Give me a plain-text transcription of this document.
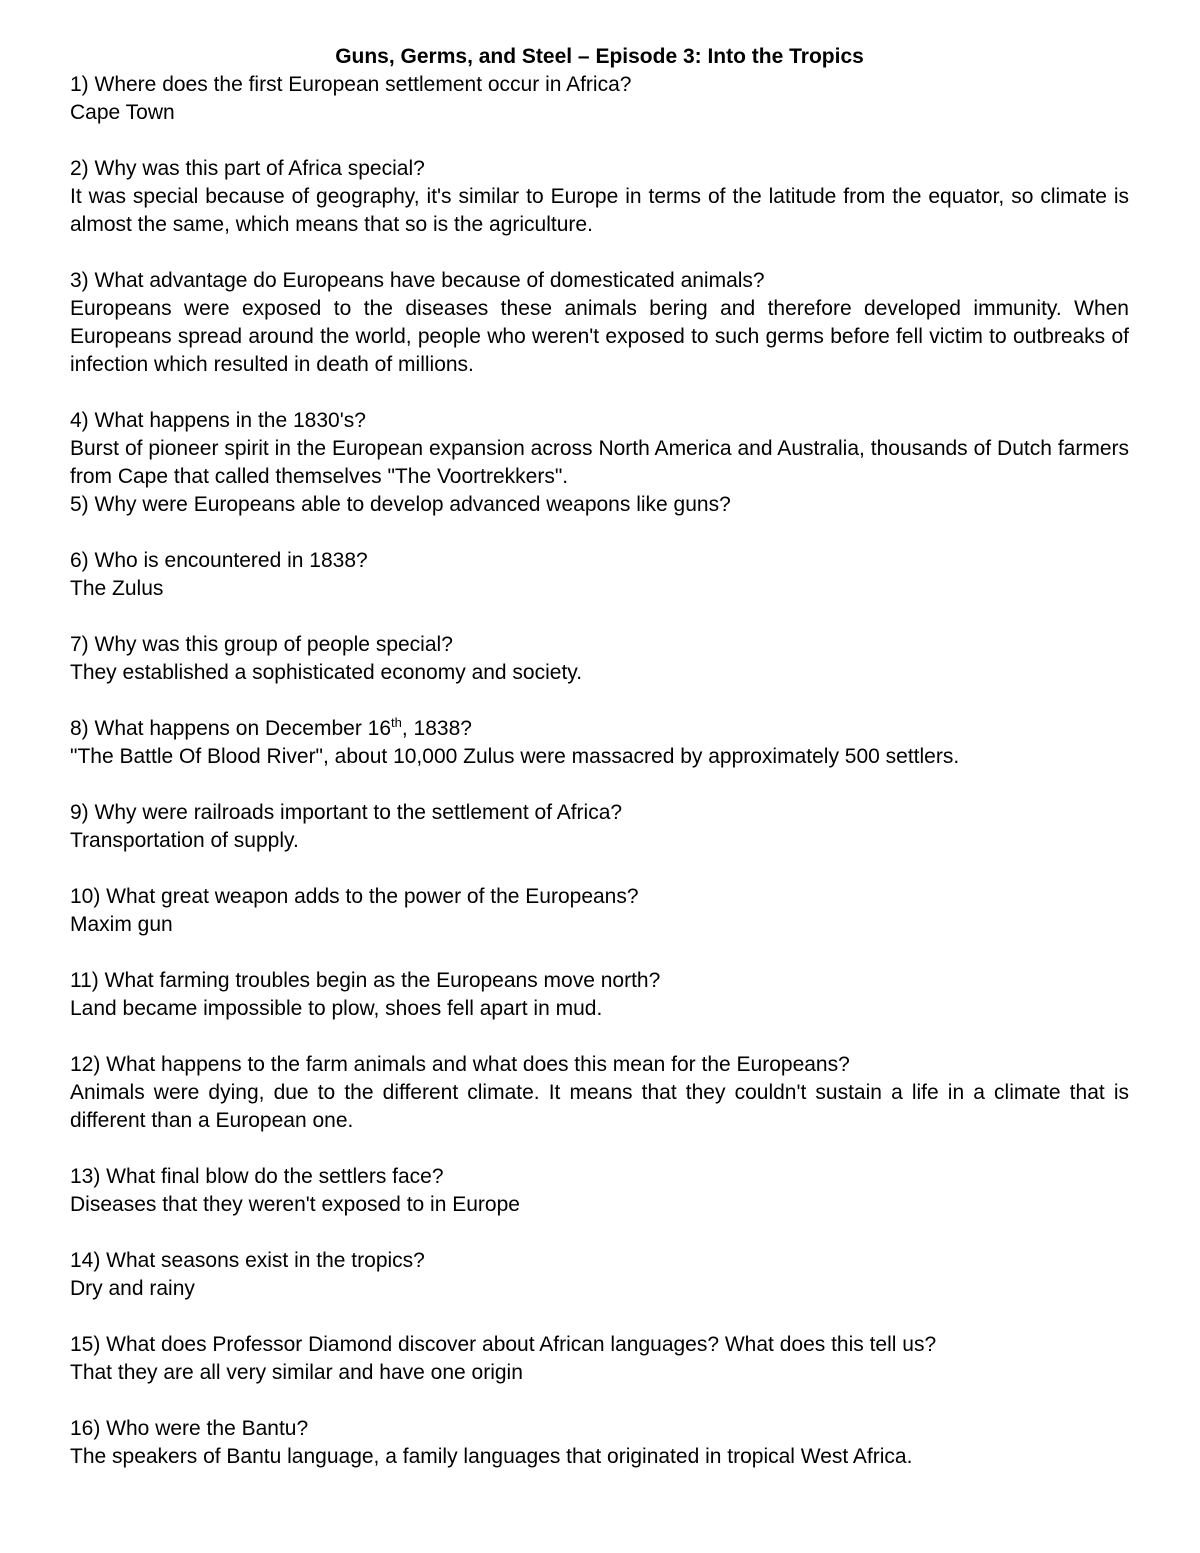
Guns, Germs, and Steel – Episode 3: Into the Tropics

1) Where does the first European settlement occur in Africa?

Cape Town

2) Why was this part of Africa special?

It was special because of geography, it's similar to Europe in terms of the latitude from the equator, so climate is almost the same, which means that so is the agriculture.

3) What advantage do Europeans have because of domesticated animals?

Europeans were exposed to the diseases these animals bering and therefore developed immunity. When Europeans spread around the world, people who weren't exposed to such germs before fell victim to outbreaks of infection which resulted in death of millions.

4) What happens in the 1830's?

Burst of pioneer spirit in the European expansion across North America and Australia, thousands of Dutch farmers from Cape that called themselves "The Voortrekkers".

5) Why were Europeans able to develop advanced weapons like guns?

6) Who is encountered in 1838?

The Zulus

7) Why was this group of people special?

They established a sophisticated economy and society.

8) What happens on December 16th, 1838?

"The Battle Of Blood River", about 10,000 Zulus were massacred by approximately 500 settlers.

9) Why were railroads important to the settlement of Africa?

Transportation of supply.

10) What great weapon adds to the power of the Europeans?

Maxim gun

11) What farming troubles begin as the Europeans move north?

Land became impossible to plow, shoes fell apart in mud.

12) What happens to the farm animals and what does this mean for the Europeans?

Animals were dying, due to the different climate. It means that they couldn't sustain a life in a climate that is different than a European one.

13) What final blow do the settlers face?

Diseases that they weren't exposed to in Europe

14) What seasons exist in the tropics?

Dry and rainy

15) What does Professor Diamond discover about African languages? What does this tell us?

That they are all very similar and have one origin

16) Who were the Bantu?

The speakers of Bantu language, a family languages that originated in tropical West Africa.
